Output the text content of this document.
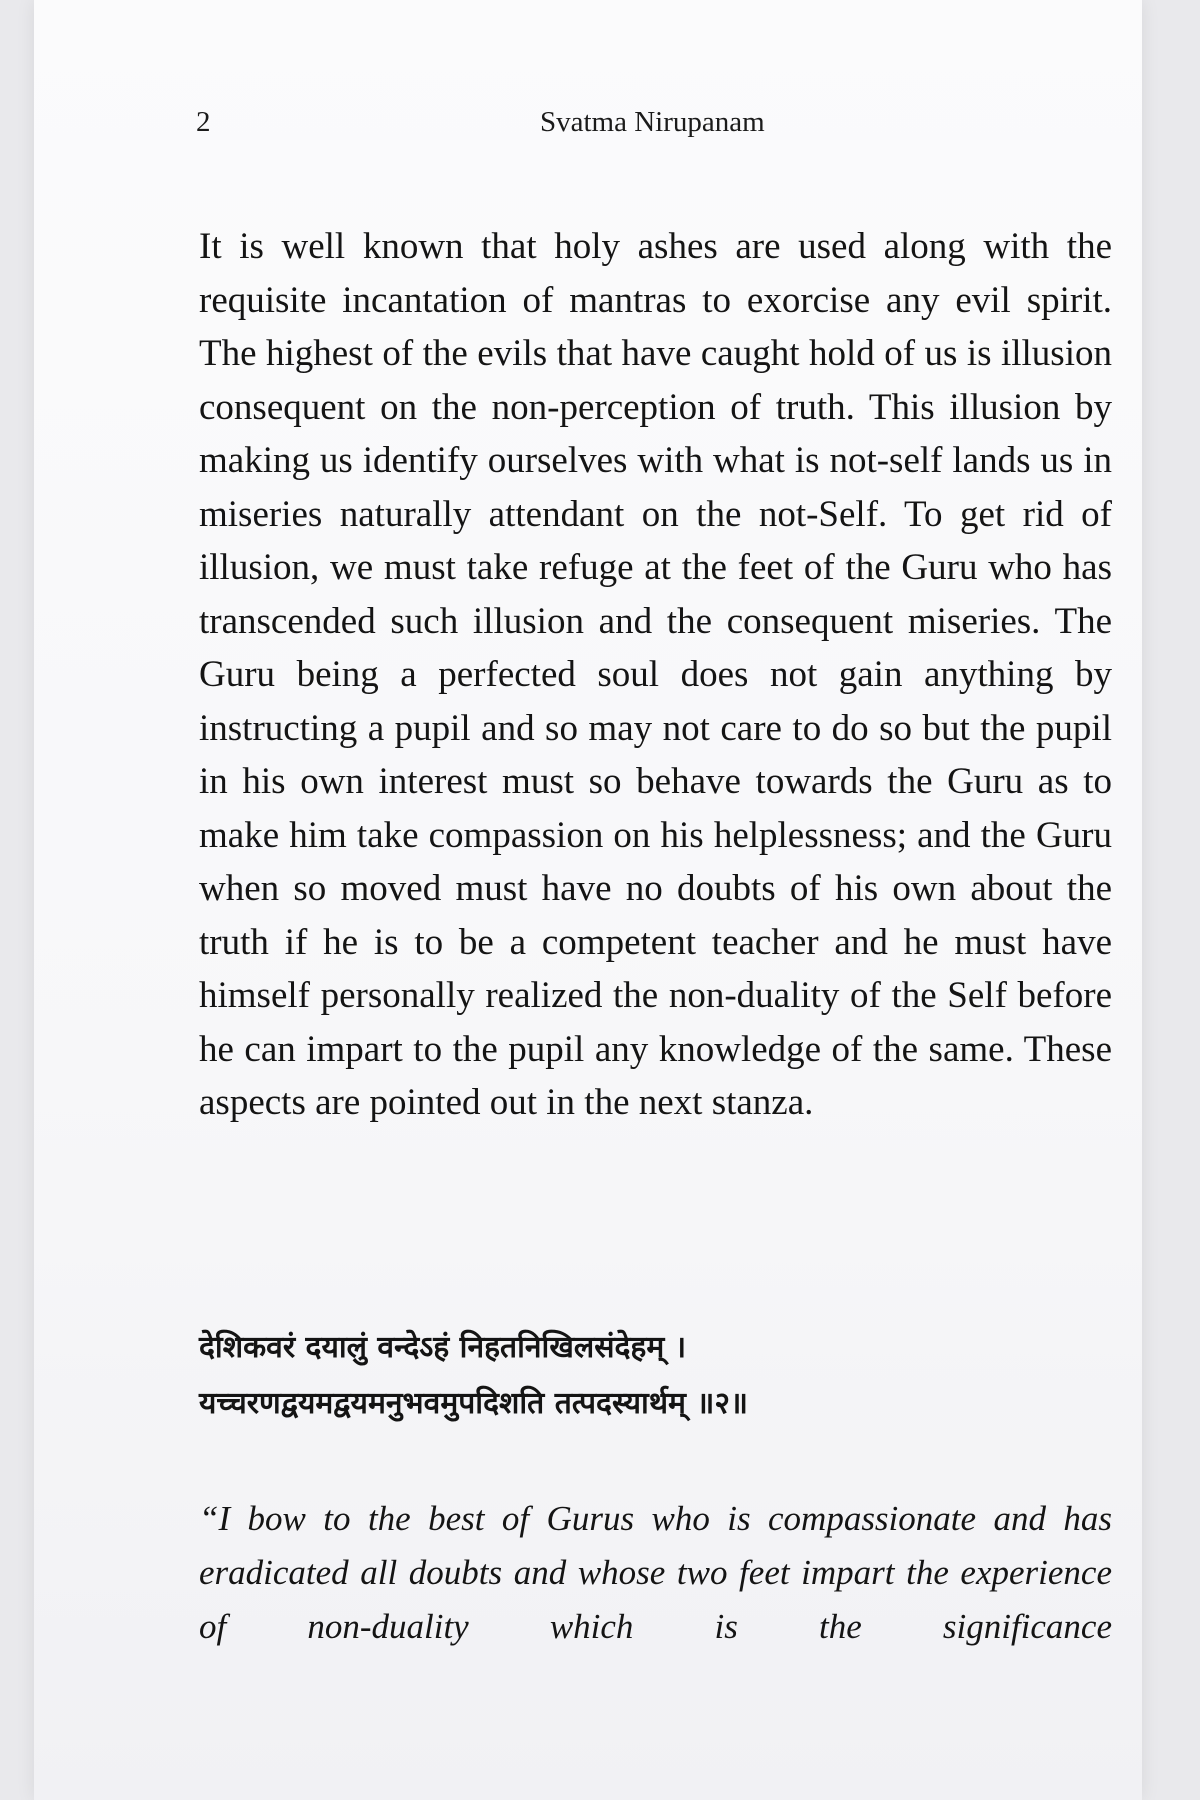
2	Svatma Nirupanam

It is well known that holy ashes are used along with the requisite incantation of mantras to exorcise any evil spirit. The highest of the evils that have caught hold of us is illusion consequent on the non-perception of truth. This illusion by making us identify ourselves with what is not-self lands us in miseries naturally attendant on the not-Self. To get rid of illusion, we must take refuge at the feet of the Guru who has transcended such illusion and the consequent miseries. The Guru being a perfected soul does not gain anything by instructing a pupil and so may not care to do so but the pupil in his own interest must so behave towards the Guru as to make him take compassion on his helplessness; and the Guru when so moved must have no doubts of his own about the truth if he is to be a competent teacher and he must have himself personally realized the non-duality of the Self before he can impart to the pupil any knowledge of the same. These aspects are pointed out in the next stanza.

देशिकवरं दयालुं वन्देऽहं निहतनिखिलसंदेहम् ।
यच्चरणद्वयमद्वयमनुभवमुपदिशति तत्पदस्यार्थम् ॥२॥

“I bow to the best of Gurus who is compassionate and has eradicated all doubts and whose two feet impart the experience of non-duality which is the significance
